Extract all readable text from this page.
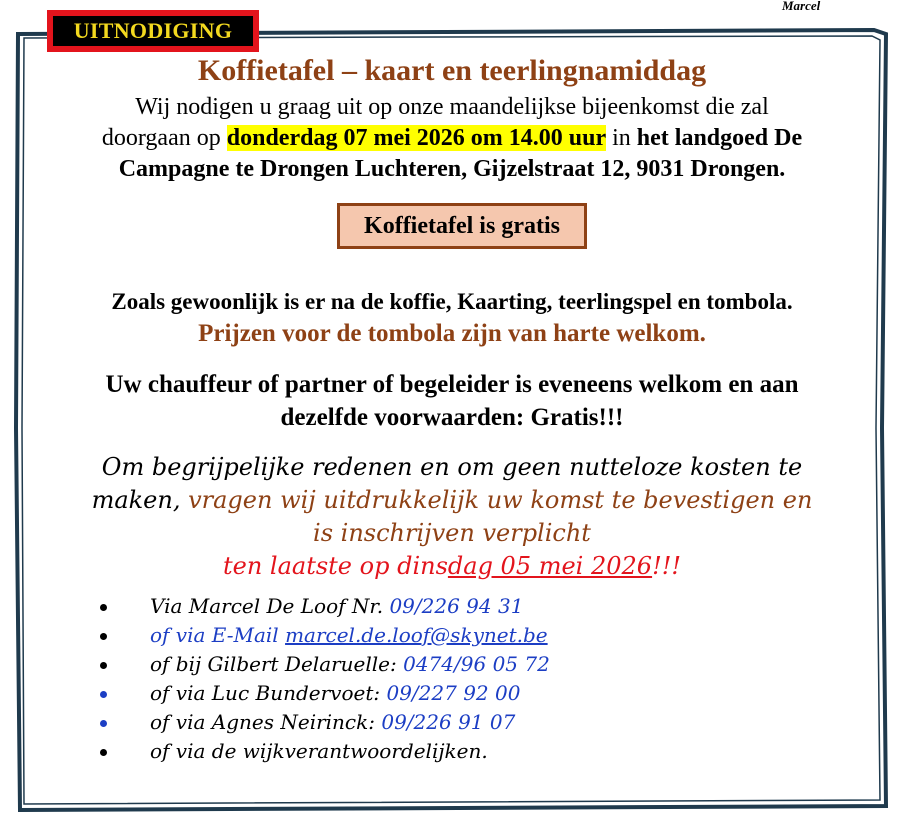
Marcel
UITNODIGING
Koffietafel – kaart en teerlingnamiddag
Wij nodigen u graag uit op onze maandelijkse bijeenkomst die zal
doorgaan op donderdag 07 mei 2026 om 14.00 uur in het landgoed De
Campagne te Drongen Luchteren, Gijzelstraat 12, 9031 Drongen.
Koffietafel is gratis
Zoals gewoonlijk is er na de koffie, Kaarting, teerlingspel en tombola.
Prijzen voor de tombola zijn van harte welkom.
Uw chauffeur of partner of begeleider is eveneens welkom en aan
dezelfde voorwaarden: Gratis!!!
Om begrijpelijke redenen en om geen nutteloze kosten te
maken, vragen wij uitdrukkelijk uw komst te bevestigen en
is inschrijven verplicht
ten laatste op dinsdag 05 mei 2026!!!
Via Marcel De Loof Nr. 09/226 94 31
of via E-Mail marcel.de.loof@skynet.be
of bij Gilbert Delaruelle: 0474/96 05 72
of via Luc Bundervoet: 09/227 92 00
of via Agnes Neirinck: 09/226 91 07
of via de wijkverantwoordelijken.
